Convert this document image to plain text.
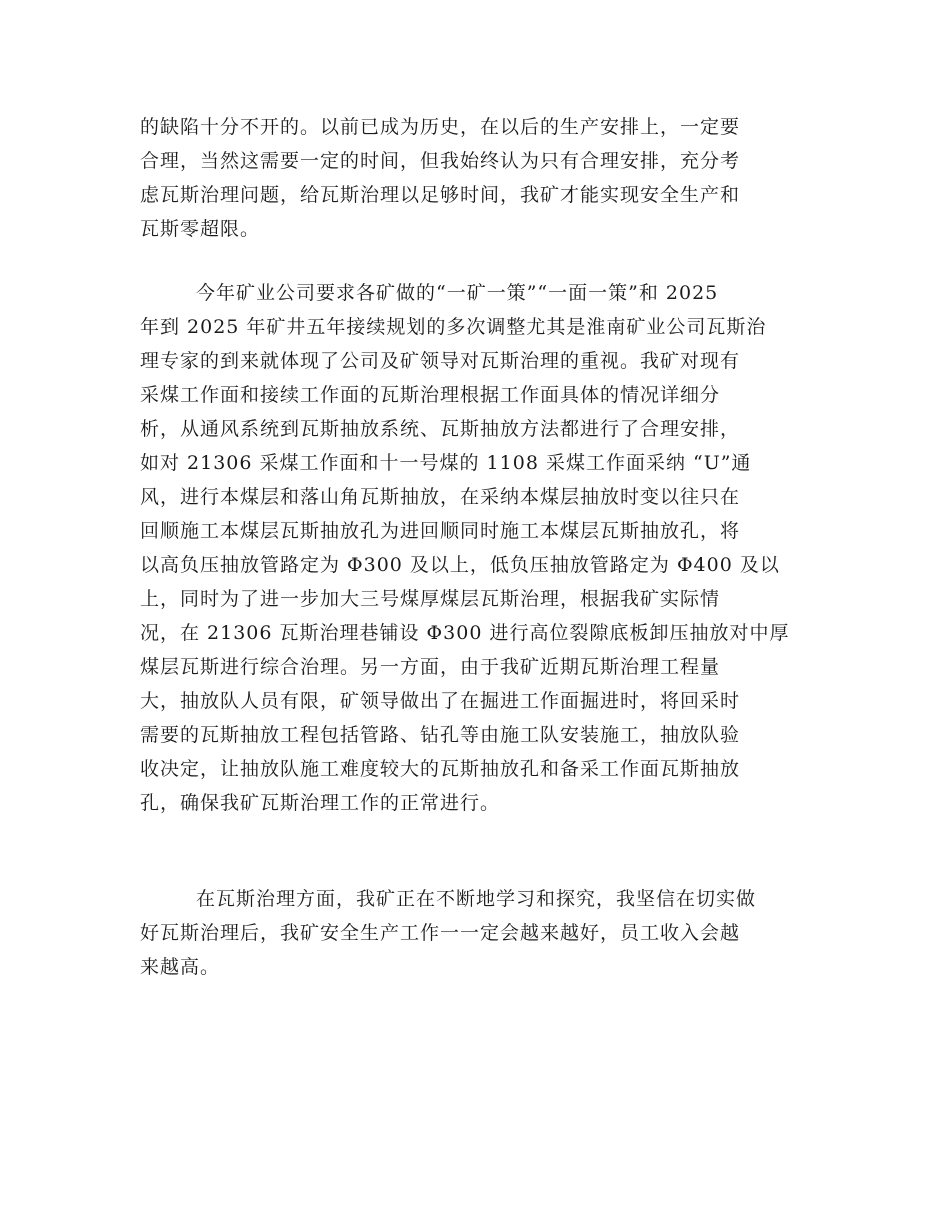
的缺陷十分不开的。以前已成为历史，在以后的生产安排上，一定要
合理，当然这需要一定的时间，但我始终认为只有合理安排，充分考
虑瓦斯治理问题，给瓦斯治理以足够时间，我矿才能实现安全生产和
瓦斯零超限。
今年矿业公司要求各矿做的“一矿一策”“一面一策”和 2025
年到 2025 年矿井五年接续规划的多次调整尤其是淮南矿业公司瓦斯治
理专家的到来就体现了公司及矿领导对瓦斯治理的重视。我矿对现有
采煤工作面和接续工作面的瓦斯治理根据工作面具体的情况详细分
析，从通风系统到瓦斯抽放系统、瓦斯抽放方法都进行了合理安排，
如对 21306 采煤工作面和十一号煤的 1108 采煤工作面采纳 “U”通
风，进行本煤层和落山角瓦斯抽放，在采纳本煤层抽放时变以往只在
回顺施工本煤层瓦斯抽放孔为进回顺同时施工本煤层瓦斯抽放孔，将
以高负压抽放管路定为 Φ300 及以上，低负压抽放管路定为 Φ400 及以
上，同时为了进一步加大三号煤厚煤层瓦斯治理，根据我矿实际情
况，在 21306 瓦斯治理巷铺设 Φ300 进行高位裂隙底板卸压抽放对中厚
煤层瓦斯进行综合治理。另一方面，由于我矿近期瓦斯治理工程量
大，抽放队人员有限，矿领导做出了在掘进工作面掘进时，将回采时
需要的瓦斯抽放工程包括管路、钻孔等由施工队安装施工，抽放队验
收决定，让抽放队施工难度较大的瓦斯抽放孔和备采工作面瓦斯抽放
孔，确保我矿瓦斯治理工作的正常进行。
在瓦斯治理方面，我矿正在不断地学习和探究，我坚信在切实做
好瓦斯治理后，我矿安全生产工作一一定会越来越好，员工收入会越
来越高。
